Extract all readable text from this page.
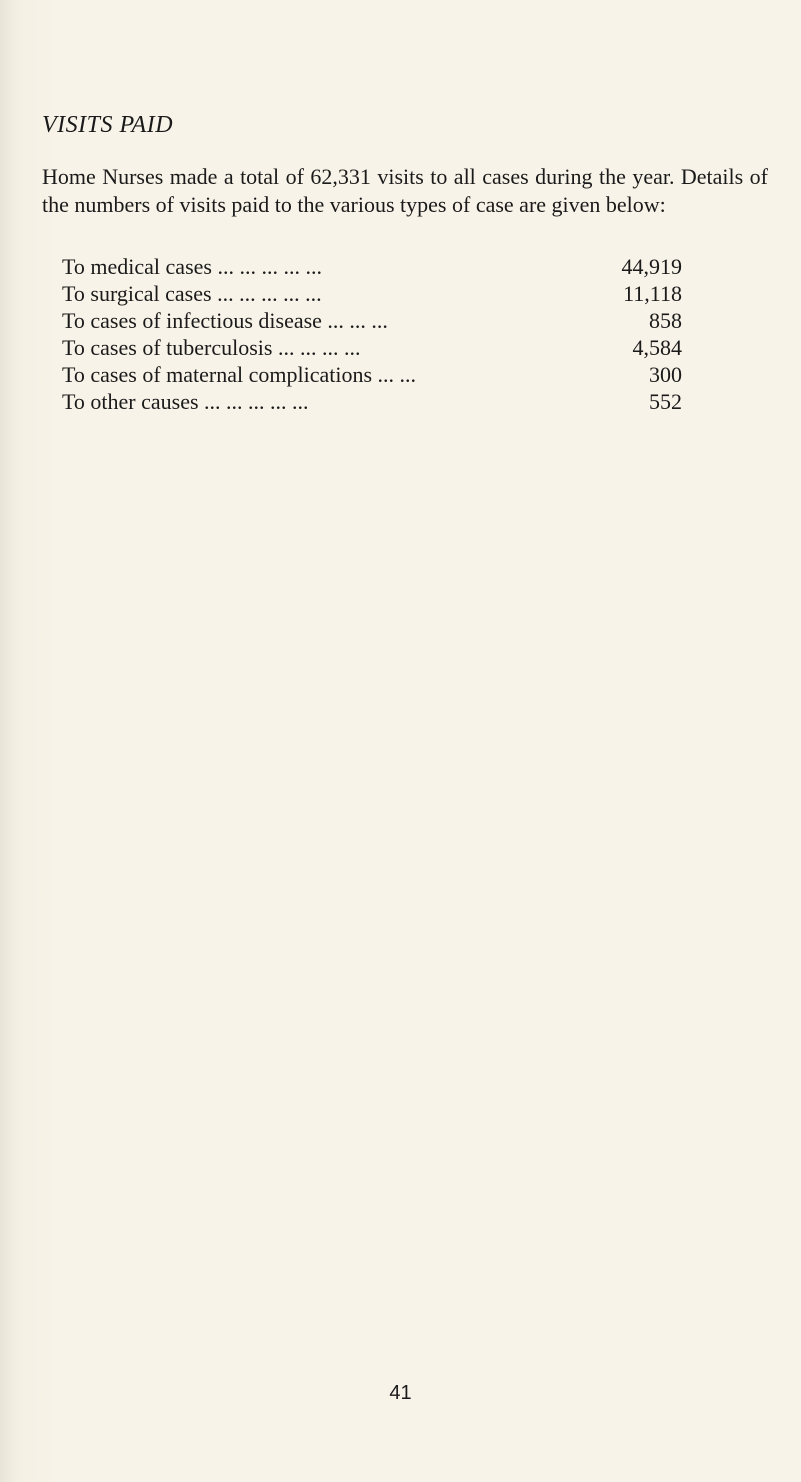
VISITS PAID

Home Nurses made a total of 62,331 visits to all cases during the year. Details of the numbers of visits paid to the various types of case are given below:

To medical cases ... ... ... ... ...	44,919
To surgical cases ... ... ... ... ...	11,118
To cases of infectious disease ... ... ...	858
To cases of tuberculosis ... ... ... ...	4,584
To cases of maternal complications ... ...	300
To other causes ... ... ... ... ...	552
41
